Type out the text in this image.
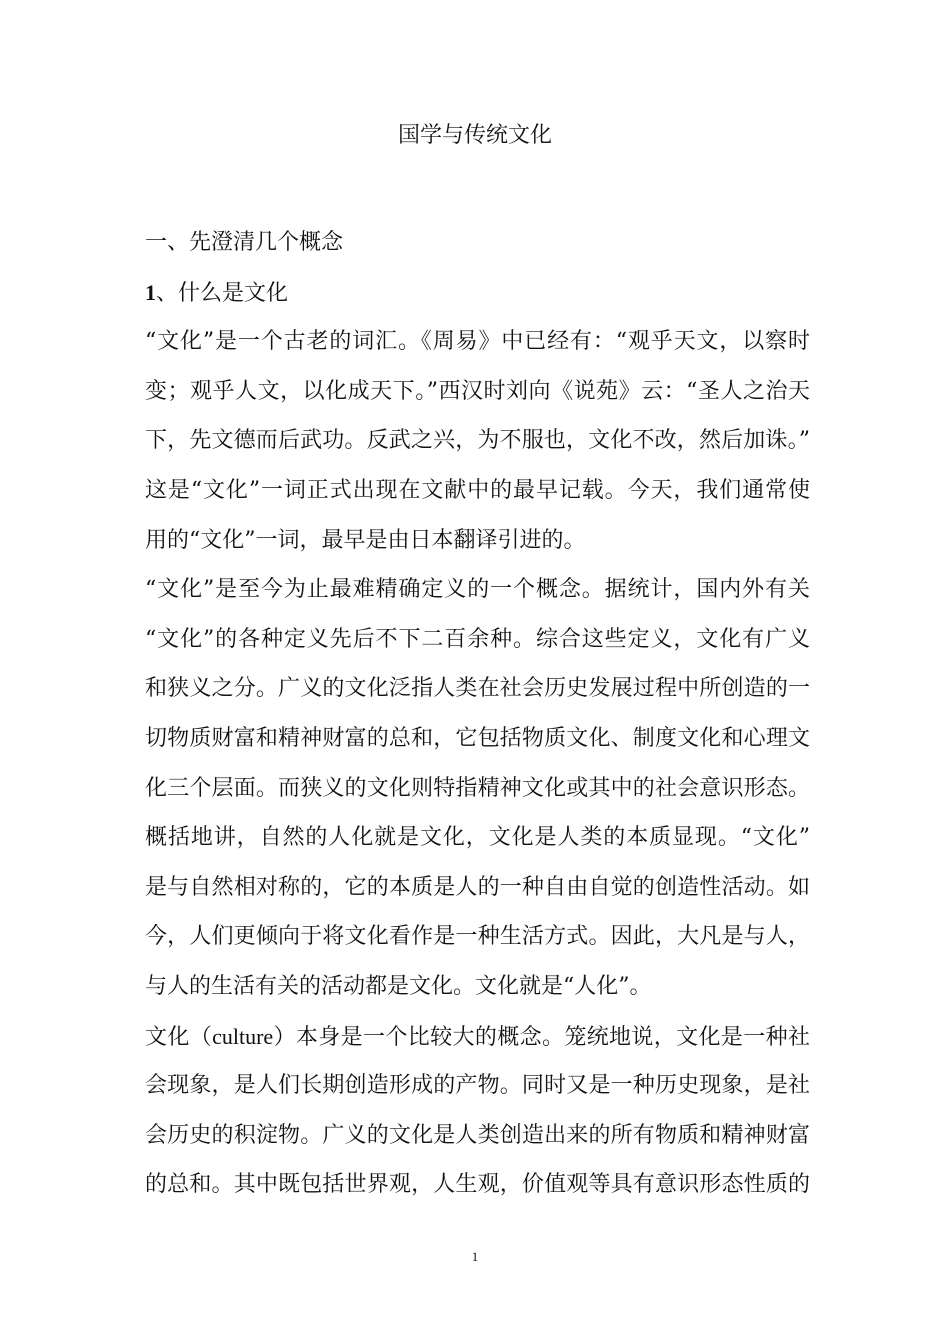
国学与传统文化
一、先澄清几个概念
1、什么是文化
“文化”是一个古老的词汇。《周易》中已经有：“观乎天文，以察时
变；观乎人文，以化成天下。”西汉时刘向《说苑》云：“圣人之治天
下，先文德而后武功。反武之兴，为不服也，文化不改，然后加诛。”
这是“文化”一词正式出现在文献中的最早记载。今天，我们通常使
用的“文化”一词，最早是由日本翻译引进的。
“文化”是至今为止最难精确定义的一个概念。据统计，国内外有关
“文化”的各种定义先后不下二百余种。综合这些定义，文化有广义
和狭义之分。广义的文化泛指人类在社会历史发展过程中所创造的一
切物质财富和精神财富的总和，它包括物质文化、制度文化和心理文
化三个层面。而狭义的文化则特指精神文化或其中的社会意识形态。
概括地讲，自然的人化就是文化，文化是人类的本质显现。“文化”
是与自然相对称的，它的本质是人的一种自由自觉的创造性活动。如
今，人们更倾向于将文化看作是一种生活方式。因此，大凡是与人，
与人的生活有关的活动都是文化。文化就是“人化”。
文化（culture）本身是一个比较大的概念。笼统地说，文化是一种社
会现象，是人们长期创造形成的产物。同时又是一种历史现象，是社
会历史的积淀物。广义的文化是人类创造出来的所有物质和精神财富
的总和。其中既包括世界观，人生观，价值观等具有意识形态性质的
1
